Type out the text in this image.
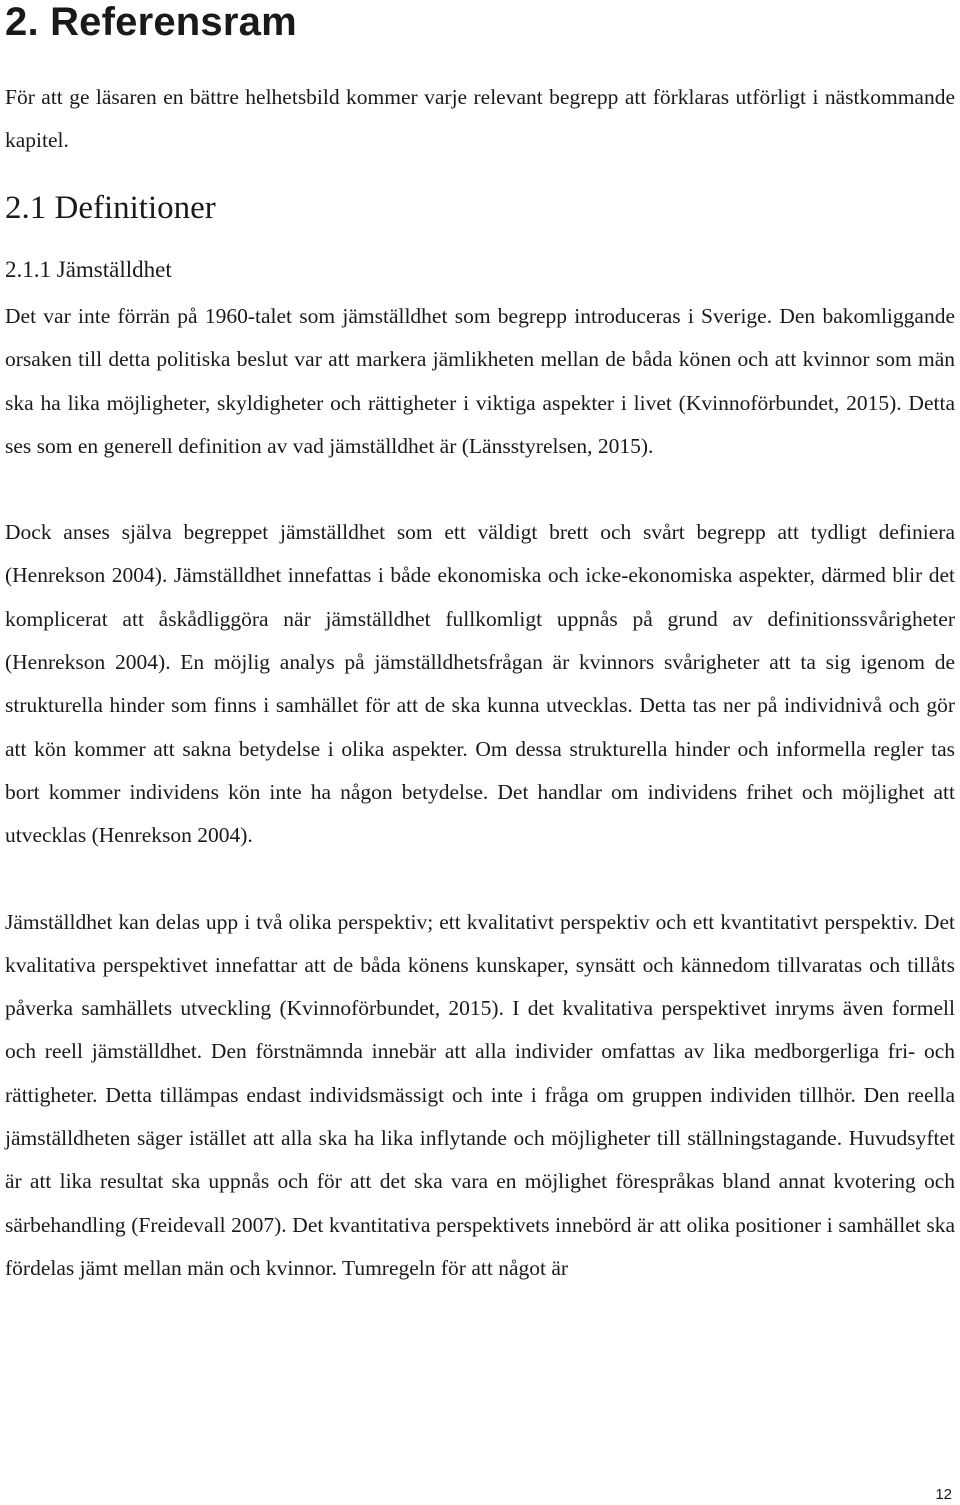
2. Referensram

För att ge läsaren en bättre helhetsbild kommer varje relevant begrepp att förklaras utförligt i nästkommande kapitel.

2.1 Definitioner
2.1.1 Jämställdhet

Det var inte förrän på 1960-talet som jämställdhet som begrepp introduceras i Sverige. Den bakomliggande orsaken till detta politiska beslut var att markera jämlikheten mellan de båda könen och att kvinnor som män ska ha lika möjligheter, skyldigheter och rättigheter i viktiga aspekter i livet (Kvinnoförbundet, 2015). Detta ses som en generell definition av vad jämställdhet är (Länsstyrelsen, 2015).

Dock anses själva begreppet jämställdhet som ett väldigt brett och svårt begrepp att tydligt definiera (Henrekson 2004). Jämställdhet innefattas i både ekonomiska och icke-ekonomiska aspekter, därmed blir det komplicerat att åskådliggöra när jämställdhet fullkomligt uppnås på grund av definitionssvårigheter (Henrekson 2004). En möjlig analys på jämställdhetsfrågan är kvinnors svårigheter att ta sig igenom de strukturella hinder som finns i samhället för att de ska kunna utvecklas. Detta tas ner på individnivå och gör att kön kommer att sakna betydelse i olika aspekter. Om dessa strukturella hinder och informella regler tas bort kommer individens kön inte ha någon betydelse. Det handlar om individens frihet och möjlighet att utvecklas (Henrekson 2004).

Jämställdhet kan delas upp i två olika perspektiv; ett kvalitativt perspektiv och ett kvantitativt perspektiv. Det kvalitativa perspektivet innefattar att de båda könens kunskaper, synsätt och kännedom tillvaratas och tillåts påverka samhällets utveckling (Kvinnoförbundet, 2015). I det kvalitativa perspektivet inryms även formell och reell jämställdhet. Den förstnämnda innebär att alla individer omfattas av lika medborgerliga fri- och rättigheter. Detta tillämpas endast individsmässigt och inte i fråga om gruppen individen tillhör. Den reella jämställdheten säger istället att alla ska ha lika inflytande och möjligheter till ställningstagande. Huvudsyftet är att lika resultat ska uppnås och för att det ska vara en möjlighet förespråkas bland annat kvotering och särbehandling (Freidevall 2007). Det kvantitativa perspektivets innebörd är att olika positioner i samhället ska fördelas jämt mellan män och kvinnor. Tumregeln för att något är

12
